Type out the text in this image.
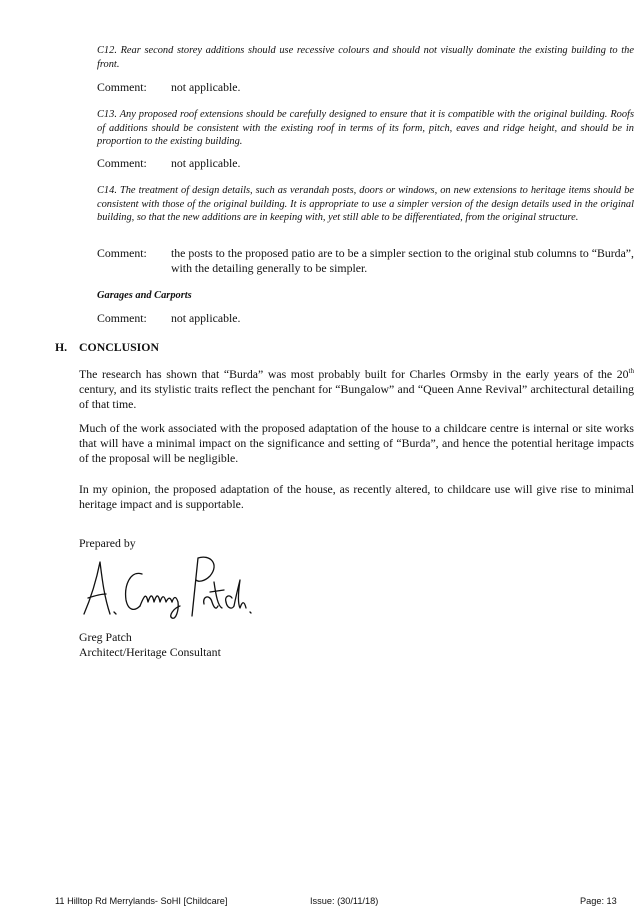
C12. Rear second storey additions should use recessive colours and should not visually dominate the existing building to the front.
Comment: not applicable.
C13. Any proposed roof extensions should be carefully designed to ensure that it is compatible with the original building. Roofs of additions should be consistent with the existing roof in terms of its form, pitch, eaves and ridge height, and should be in proportion to the existing building.
Comment: not applicable.
C14. The treatment of design details, such as verandah posts, doors or windows, on new extensions to heritage items should be consistent with those of the original building. It is appropriate to use a simpler version of the design details used in the original building, so that the new additions are in keeping with, yet still able to be differentiated, from the original structure.
Comment: the posts to the proposed patio are to be a simpler section to the original stub columns to “Burda”, with the detailing generally to be simpler.
Garages and Carports
Comment: not applicable.
H. CONCLUSION
The research has shown that “Burda” was most probably built for Charles Ormsby in the early years of the 20th century, and its stylistic traits reflect the penchant for “Bungalow” and “Queen Anne Revival” architectural detailing of that time.
Much of the work associated with the proposed adaptation of the house to a childcare centre is internal or site works that will have a minimal impact on the significance and setting of “Burda”, and hence the potential heritage impacts of the proposal will be negligible.
In my opinion, the proposed adaptation of the house, as recently altered, to childcare use will give rise to minimal heritage impact and is supportable.
Prepared by
Greg Patch
Architect/Heritage Consultant
11 Hilltop Rd Merrylands- SoHI [Childcare]	Issue: (30/11/18)	Page: 13
